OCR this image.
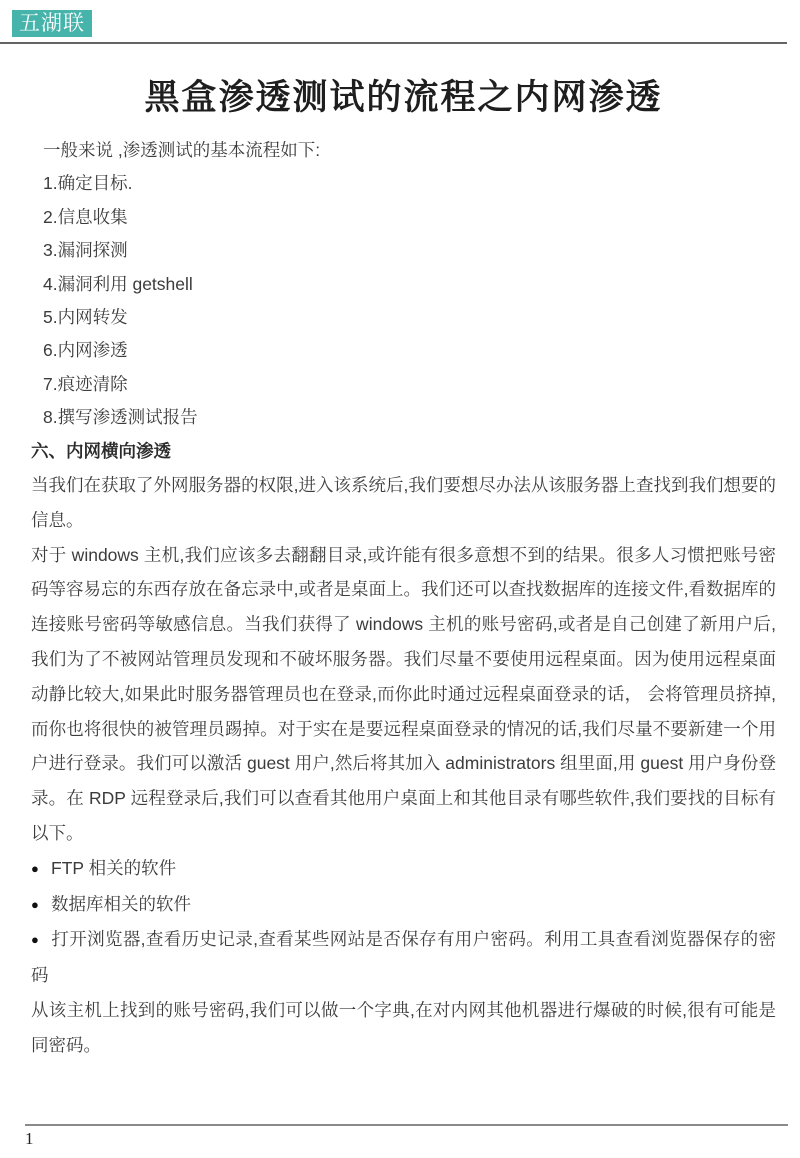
五湖联
黑盒渗透测试的流程之内网渗透

一般来说 ,渗透测试的基本流程如下:

1.确定目标.

2.信息收集

3.漏洞探测

4.漏洞利用 getshell

5.内网转发

6.内网渗透

7.痕迹清除

8.撰写渗透测试报告

六、内网横向渗透

当我们在获取了外网服务器的权限,进入该系统后,我们要想尽办法从该服务器上查找到我们想要的信息。

对于 windows 主机,我们应该多去翻翻目录,或许能有很多意想不到的结果。很多人习惯把账号密码等容易忘的东西存放在备忘录中,或者是桌面上。我们还可以查找数据库的连接文件,看数据库的连接账号密码等敏感信息。当我们获得了 windows 主机的账号密码,或者是自己创建了新用户后,我们为了不被网站管理员发现和不破坏服务器。我们尽量不要使用远程桌面。因为使用远程桌面动静比较大,如果此时服务器管理员也在登录,而你此时通过远程桌面登录的话， 会将管理员挤掉,而你也将很快的被管理员踢掉。对于实在是要远程桌面登录的情况的话,我们尽量不要新建一个用户进行登录。我们可以激活 guest 用户,然后将其加入 administrators 组里面,用 guest 用户身份登录。在 RDP 远程登录后,我们可以查看其他用户桌面上和其他目录有哪些软件,我们要找的目标有以下。

● FTP 相关的软件

● 数据库相关的软件

● 打开浏览器,查看历史记录,查看某些网站是否保存有用户密码。利用工具查看浏览器保存的密码

从该主机上找到的账号密码,我们可以做一个字典,在对内网其他机器进行爆破的时候,很有可能是同密码。

1
